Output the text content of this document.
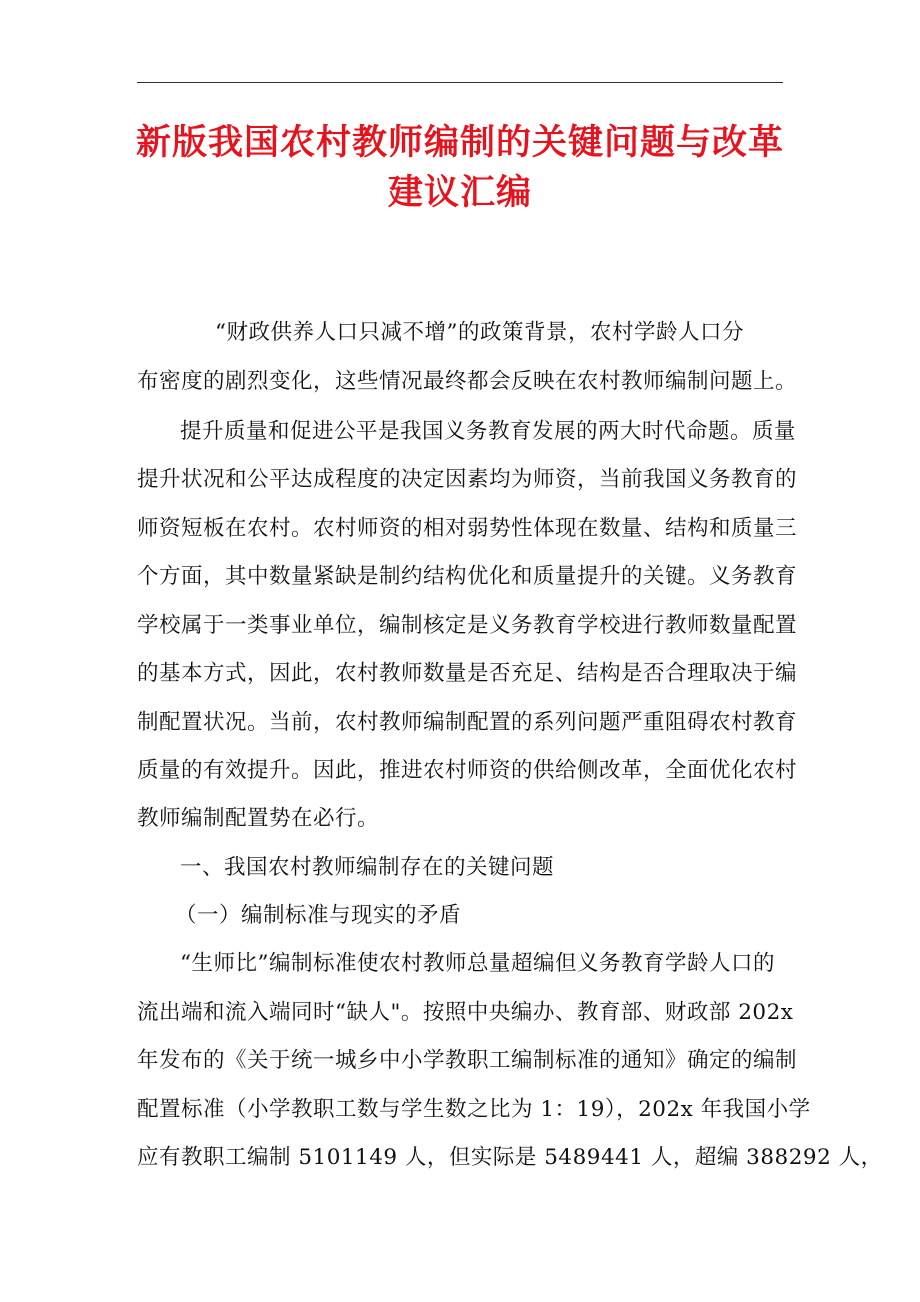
新版我国农村教师编制的关键问题与改革
建议汇编
“财政供养人口只减不增”的政策背景，农村学龄人口分
布密度的剧烈变化，这些情况最终都会反映在农村教师编制问题上。
提升质量和促进公平是我国义务教育发展的两大时代命题。质量
提升状况和公平达成程度的决定因素均为师资，当前我国义务教育的
师资短板在农村。农村师资的相对弱势性体现在数量、结构和质量三
个方面，其中数量紧缺是制约结构优化和质量提升的关键。义务教育
学校属于一类事业单位，编制核定是义务教育学校进行教师数量配置
的基本方式，因此，农村教师数量是否充足、结构是否合理取决于编
制配置状况。当前，农村教师编制配置的系列问题严重阻碍农村教育
质量的有效提升。因此，推进农村师资的供给侧改革，全面优化农村
教师编制配置势在必行。
一、我国农村教师编制存在的关键问题
（一）编制标准与现实的矛盾
“生师比”编制标准使农村教师总量超编但义务教育学龄人口的
流出端和流入端同时“缺人"。按照中央编办、教育部、财政部 202x
年发布的《关于统一城乡中小学教职工编制标准的通知》确定的编制
配置标准（小学教职工数与学生数之比为 1：19），202x 年我国小学
应有教职工编制 5101149 人，但实际是 5489441 人，超编 388292 人，
